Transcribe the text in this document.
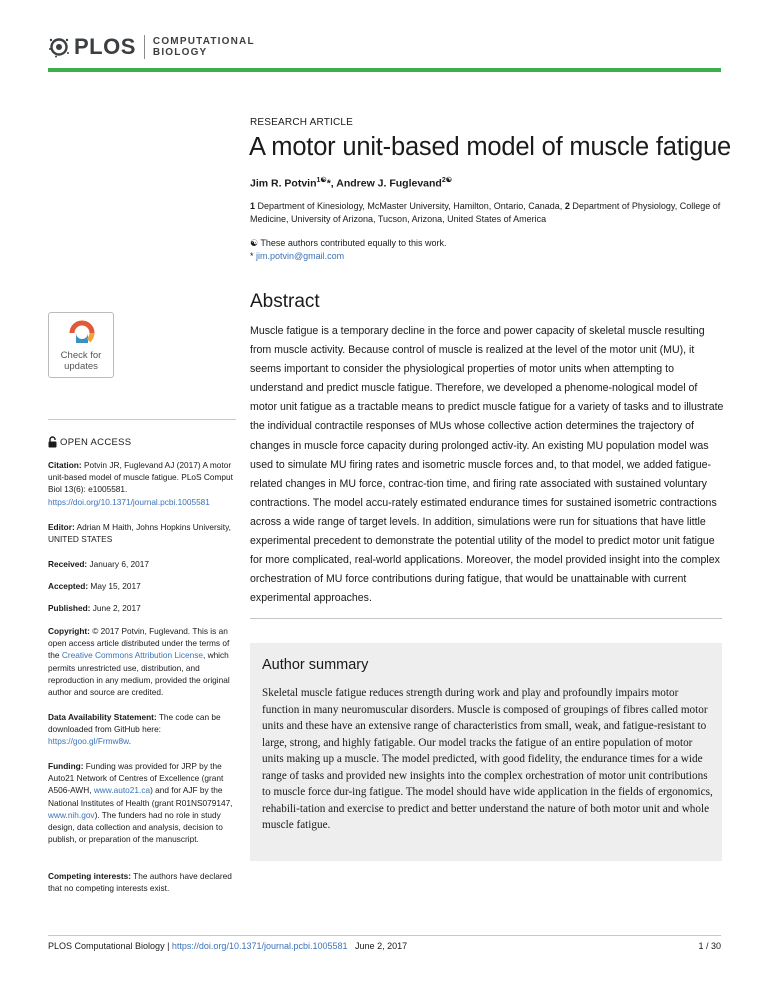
PLOS COMPUTATIONAL
BIOLOGY
RESEARCH ARTICLE
A motor unit-based model of muscle fatigue
Jim R. Potvin$^{1☯}$*, Andrew J. Fuglevand$^{2☯}$
1 Department of Kinesiology, McMaster University, Hamilton, Ontario, Canada, 2 Department of Physiology, College of Medicine, University of Arizona, Tucson, Arizona, United States of America
☯ These authors contributed equally to this work.
* jim.potvin@gmail.com
Abstract
Muscle fatigue is a temporary decline in the force and power capacity of skeletal muscle resulting from muscle activity. Because control of muscle is realized at the level of the motor unit (MU), it seems important to consider the physiological properties of motor units when attempting to understand and predict muscle fatigue. Therefore, we developed a phenome-nological model of motor unit fatigue as a tractable means to predict muscle fatigue for a variety of tasks and to illustrate the individual contractile responses of MUs whose collective action determines the trajectory of changes in muscle force capacity during prolonged activ-ity. An existing MU population model was used to simulate MU firing rates and isometric muscle forces and, to that model, we added fatigue-related changes in MU force, contrac-tion time, and firing rate associated with sustained voluntary contractions. The model accu-rately estimated endurance times for sustained isometric contractions across a wide range of target levels. In addition, simulations were run for situations that have little experimental precedent to demonstrate the potential utility of the model to predict motor unit fatigue for more complicated, real-world applications. Moreover, the model provided insight into the complex orchestration of MU force contributions during fatigue, that would be unattainable with current experimental approaches.
Author summary
Skeletal muscle fatigue reduces strength during work and play and profoundly impairs motor function in many neuromuscular disorders. Muscle is composed of groupings of fibres called motor units and these have an extensive range of characteristics from small, weak, and fatigue-resistant to large, strong, and highly fatigable. Our model tracks the fatigue of an entire population of motor units making up a muscle. The model predicted, with good fidelity, the endurance times for a wide range of tasks and provided new insights into the complex orchestration of motor unit contributions to muscle force dur-ing fatigue. The model should have wide application in the fields of ergonomics, rehabili-tation and exercise to predict and better understand the nature of both motor unit and whole muscle fatigue.
Check for
updates
OPEN ACCESS
Citation: Potvin JR, Fuglevand AJ (2017) A motor unit-based model of muscle fatigue. PLoS Comput Biol 13(6): e1005581. https://doi.org/10.1371/journal.pcbi.1005581
Editor: Adrian M Haith, Johns Hopkins University, UNITED STATES
Received: January 6, 2017
Accepted: May 15, 2017
Published: June 2, 2017
Copyright: © 2017 Potvin, Fuglevand. This is an open access article distributed under the terms of the Creative Commons Attribution License, which permits unrestricted use, distribution, and reproduction in any medium, provided the original author and source are credited.
Data Availability Statement: The code can be downloaded from GitHub here: https://goo.gl/Frmw8w.
Funding: Funding was provided for JRP by the Auto21 Network of Centres of Excellence (grant A506-AWH, www.auto21.ca) and for AJF by the National Institutes of Health (grant R01NS079147, www.nih.gov). The funders had no role in study design, data collection and analysis, decision to publish, or preparation of the manuscript.
Competing interests: The authors have declared that no competing interests exist.
PLOS Computational Biology | https://doi.org/10.1371/journal.pcbi.1005581   June 2, 2017	1 / 30
